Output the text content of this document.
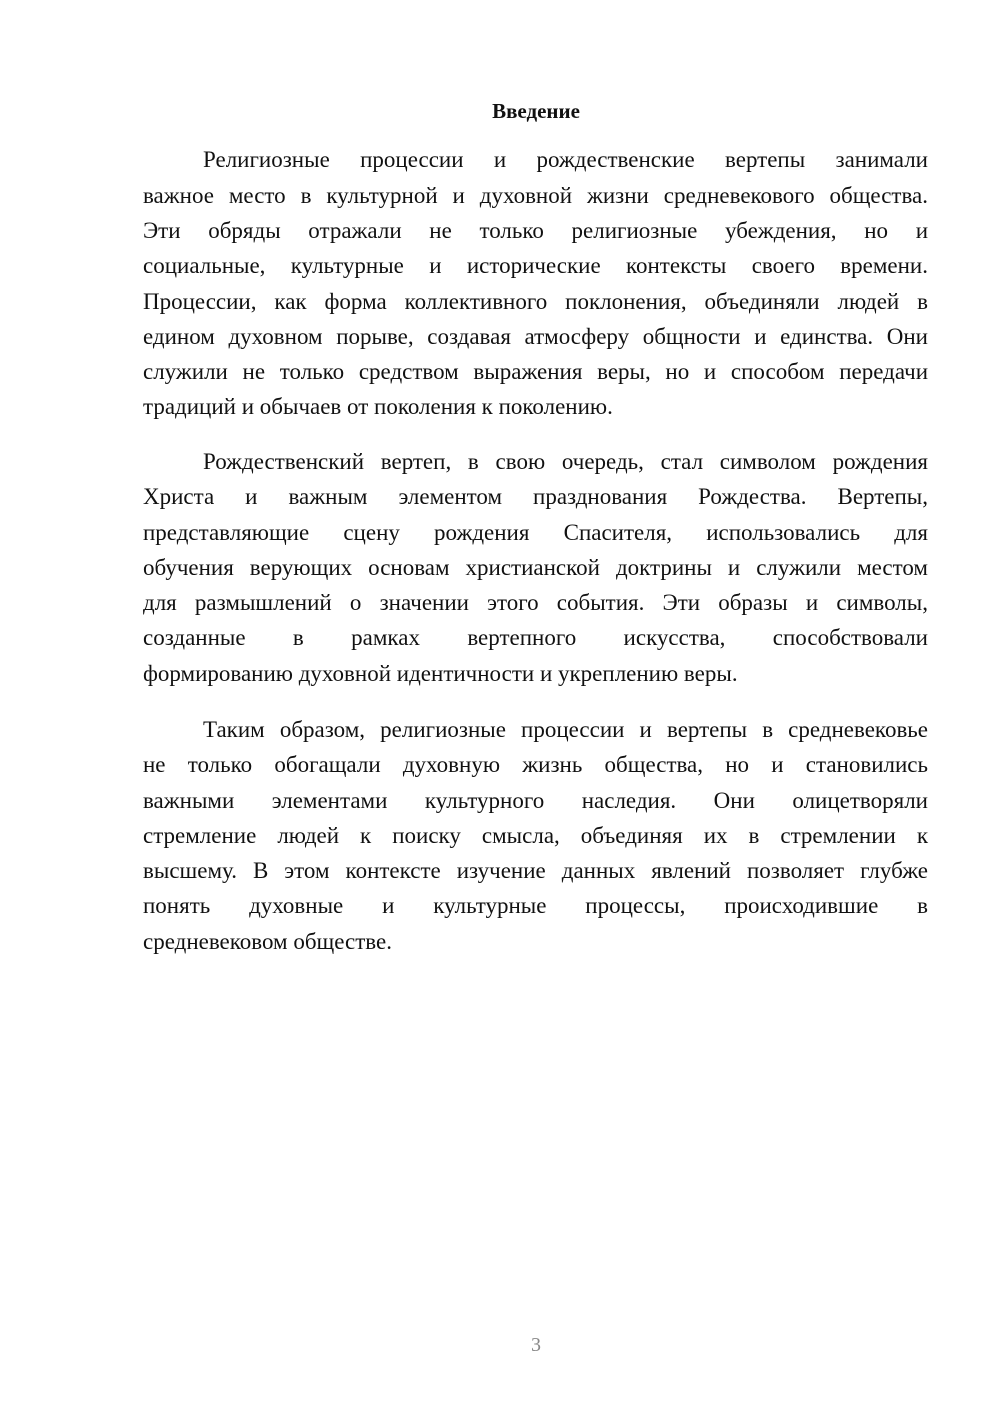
Введение
Религиозные процессии и рождественские вертепы занимали
важное место в культурной и духовной жизни средневекового общества.
Эти обряды отражали не только религиозные убеждения, но и
социальные, культурные и исторические контексты своего времени.
Процессии, как форма коллективного поклонения, объединяли людей в
едином духовном порыве, создавая атмосферу общности и единства. Они
служили не только средством выражения веры, но и способом передачи
традиций и обычаев от поколения к поколению.
Рождественский вертеп, в свою очередь, стал символом рождения
Христа и важным элементом празднования Рождества. Вертепы,
представляющие сцену рождения Спасителя, использовались для
обучения верующих основам христианской доктрины и служили местом
для размышлений о значении этого события. Эти образы и символы,
созданные в рамках вертепного искусства, способствовали
формированию духовной идентичности и укреплению веры.
Таким образом, религиозные процессии и вертепы в средневековье
не только обогащали духовную жизнь общества, но и становились
важными элементами культурного наследия. Они олицетворяли
стремление людей к поиску смысла, объединяя их в стремлении к
высшему. В этом контексте изучение данных явлений позволяет глубже
понять духовные и культурные процессы, происходившие в
средневековом обществе.
3
